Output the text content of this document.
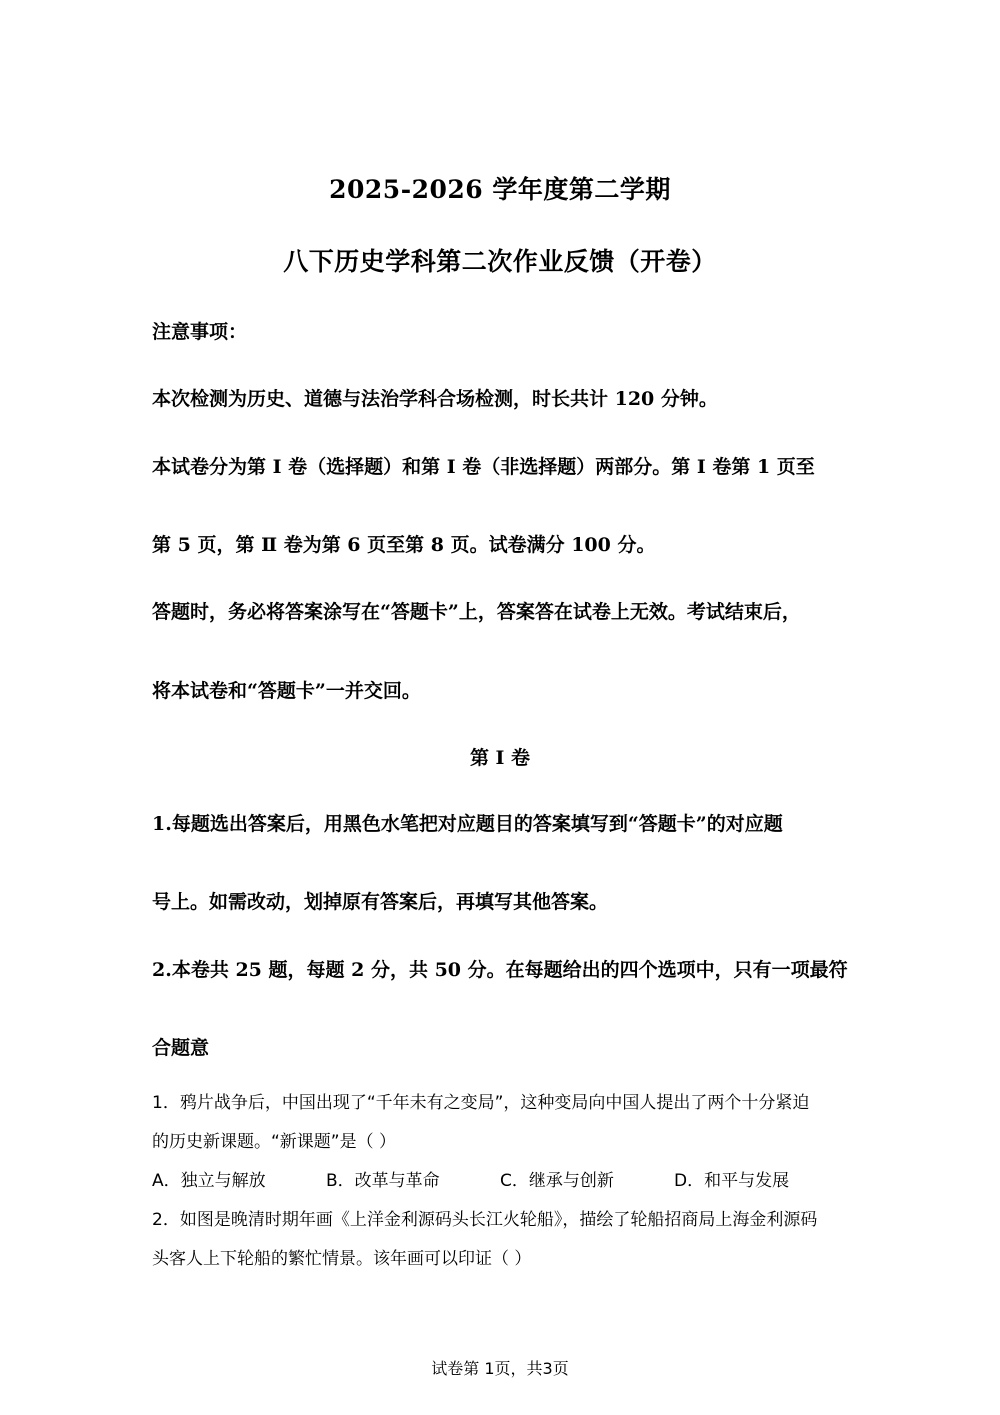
2025-2026 学年度第二学期
八下历史学科第二次作业反馈（开卷）
注意事项：
本次检测为历史、道德与法治学科合场检测，时长共计 120 分钟。
本试卷分为第 Ⅰ 卷（选择题）和第 Ⅰ 卷（非选择题）两部分。第 Ⅰ 卷第 1 页至
第 5 页，第 Ⅱ 卷为第 6 页至第 8 页。试卷满分 100 分。
答题时，务必将答案涂写在“答题卡”上，答案答在试卷上无效。考试结束后，
将本试卷和“答题卡”一并交回。
第 Ⅰ 卷
1.每题选出答案后，用黑色水笔把对应题目的答案填写到“答题卡”的对应题
号上。如需改动，划掉原有答案后，再填写其他答案。
2.本卷共 25 题，每题 2 分，共 50 分。在每题给出的四个选项中，只有一项最符
合题意
1．鸦片战争后，中国出现了“千年未有之变局”，这种变局向中国人提出了两个十分紧迫
的历史新课题。“新课题”是（ ）
A．独立与解放	B．改革与革命	C．继承与创新	D．和平与发展
2．如图是晚清时期年画《上洋金利源码头长江火轮船》，描绘了轮船招商局上海金利源码
头客人上下轮船的繁忙情景。该年画可以印证（ ）
试卷第 1页，共3页
